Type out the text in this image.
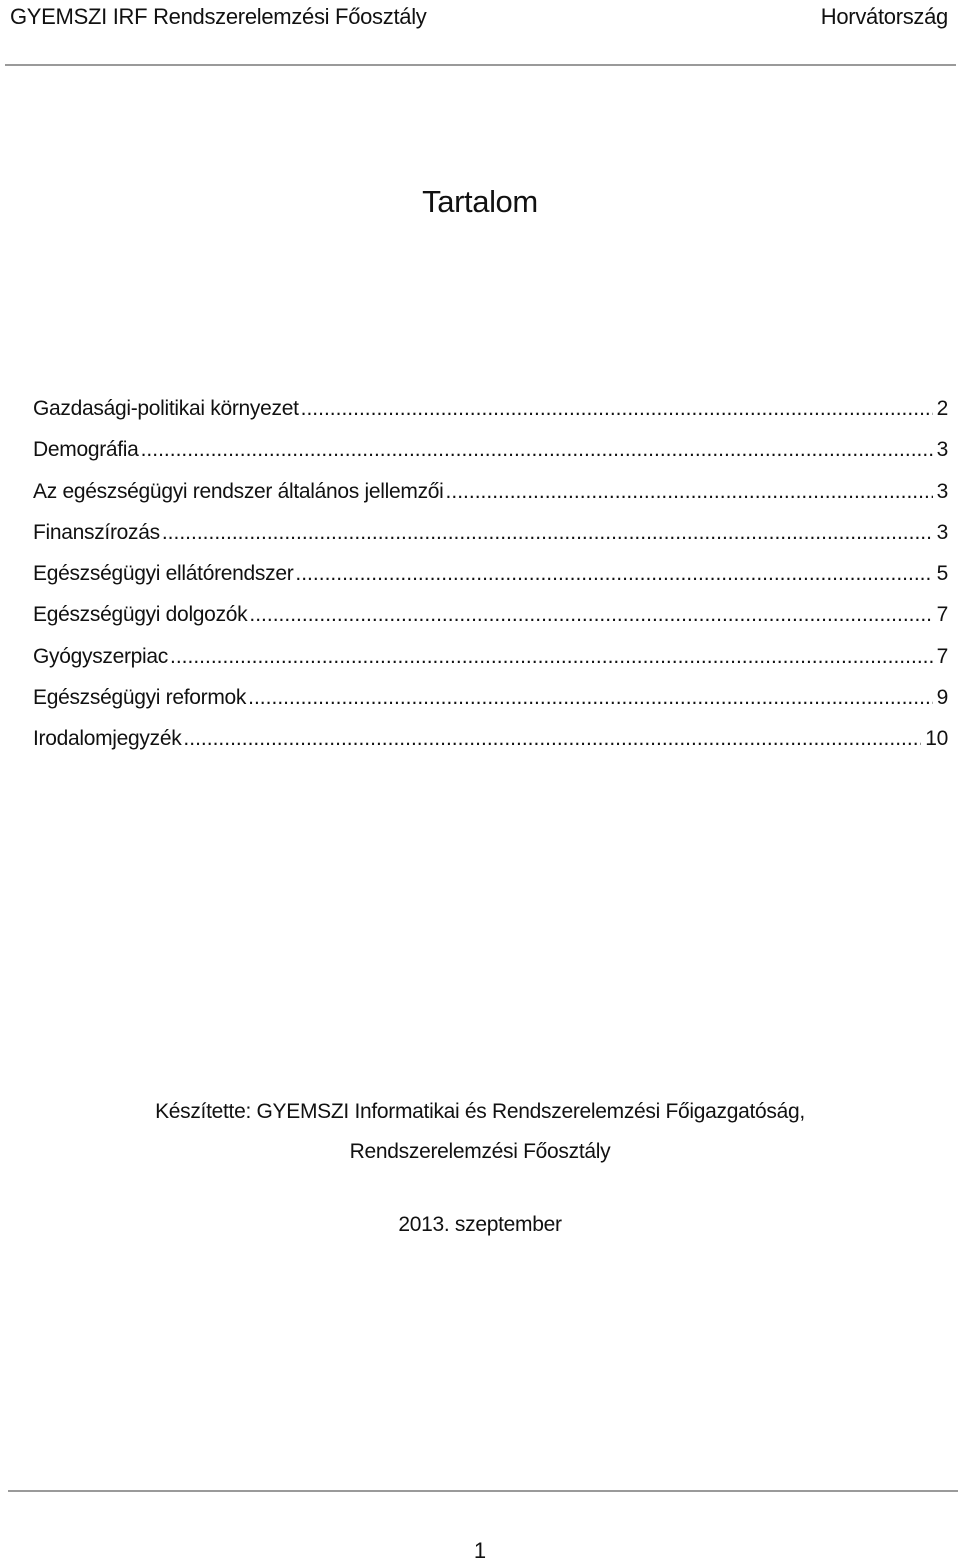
GYEMSZI IRF Rendszerelemzési Főosztály	Horvátország
Tartalom
Gazdasági-politikai környezet .....	2
Demográfia .....	3
Az egészségügyi rendszer általános jellemzői .....	3
Finanszírozás .....	3
Egészségügyi ellátórendszer .....	5
Egészségügyi dolgozók .....	7
Gyógyszerpiac .....	7
Egészségügyi reformok .....	9
Irodalomjegyzék .....	10
Készítette: GYEMSZI Informatikai és Rendszerelemzési Főigazgatóság,
Rendszerelemzési Főosztály
2013. szeptember
1
